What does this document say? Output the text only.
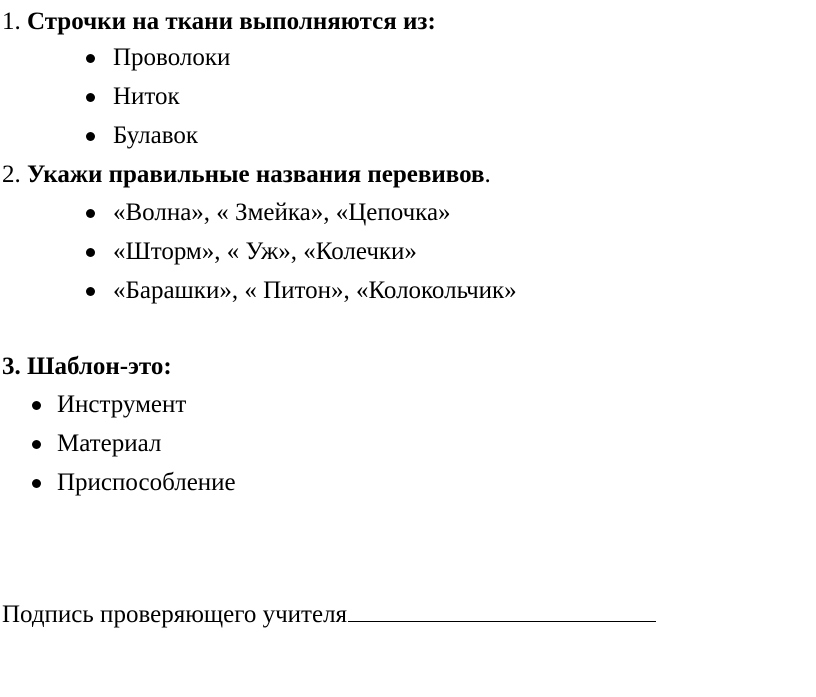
1. Строчки на ткани выполняются из:
Проволоки
Ниток
Булавок
2. Укажи правильные названия перевивов.
«Волна», « Змейка», «Цепочка»
«Шторм», « Уж», «Колечки»
«Барашки», « Питон», «Колокольчик»
3. Шаблон-это:
Инструмент
Материал
Приспособление
Подпись проверяющего учителя
